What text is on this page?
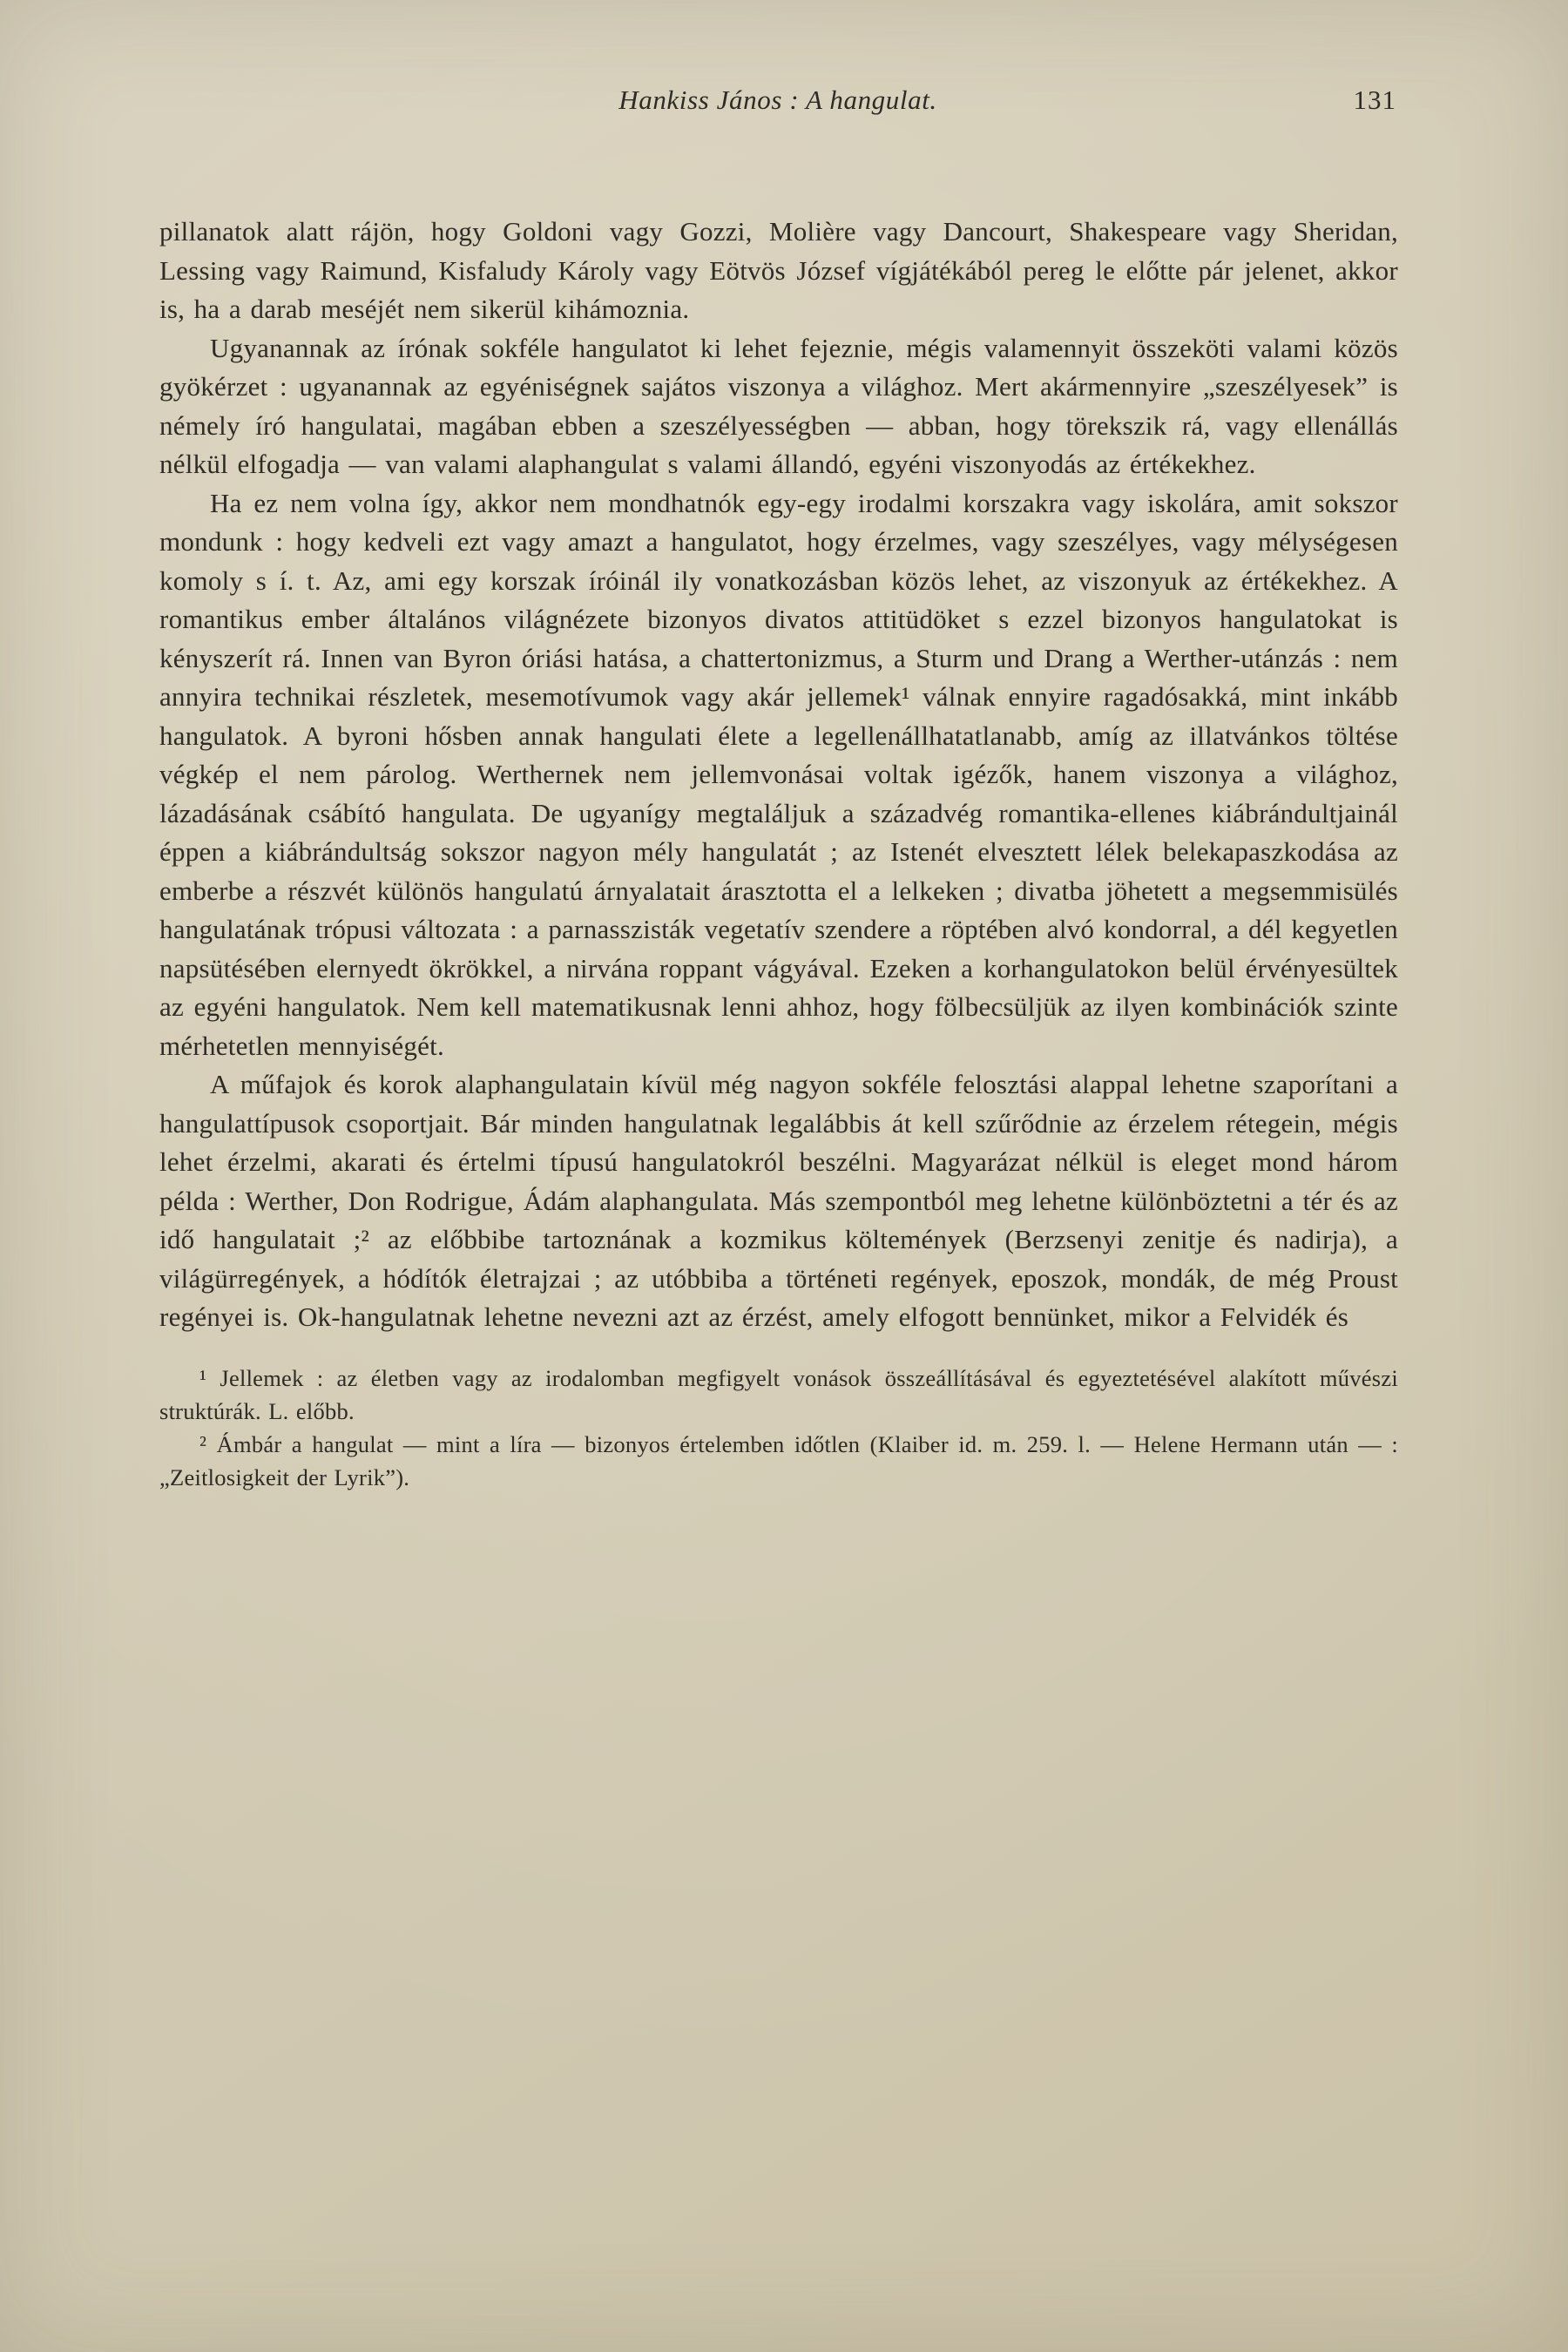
Hankiss János : A hangulat.	131

pillanatok alatt rájön, hogy Goldoni vagy Gozzi, Molière vagy Dancourt, Shakespeare vagy Sheridan, Lessing vagy Raimund, Kisfaludy Károly vagy Eötvös József vígjátékából pereg le előtte pár jelenet, akkor is, ha a darab meséjét nem sikerül kihámoznia.

Ugyanannak az írónak sokféle hangulatot ki lehet fejeznie, mégis valamennyit összeköti valami közös gyökérzet : ugyanannak az egyéniségnek sajátos viszonya a világhoz. Mert akármennyire „szeszélyesek” is némely író hangulatai, magában ebben a szeszélyességben — abban, hogy törekszik rá, vagy ellenállás nélkül elfogadja — van valami alaphangulat s valami állandó, egyéni viszonyodás az értékekhez.

Ha ez nem volna így, akkor nem mondhatnók egy-egy irodalmi korszakra vagy iskolára, amit sokszor mondunk : hogy kedveli ezt vagy amazt a hangulatot, hogy érzelmes, vagy szeszélyes, vagy mélységesen komoly s í. t. Az, ami egy korszak íróinál ily vonatkozásban közös lehet, az viszonyuk az értékekhez. A romantikus ember általános világnézete bizonyos divatos attitüdöket s ezzel bizonyos hangulatokat is kényszerít rá. Innen van Byron óriási hatása, a chattertonizmus, a Sturm und Drang a Werther-utánzás : nem annyira technikai részletek, mesemotívumok vagy akár jellemek¹ válnak ennyire ragadósakká, mint inkább hangulatok. A byroni hősben annak hangulati élete a legellenállhatatlanabb, amíg az illatvánkos töltése végkép el nem párolog. Werthernek nem jellemvonásai voltak igézők, hanem viszonya a világhoz, lázadásának csábító hangulata. De ugyanígy megtaláljuk a századvég romantika-ellenes kiábrándultjainál éppen a kiábrándultság sokszor nagyon mély hangulatát ; az Istenét elvesztett lélek belekapaszkodása az emberbe a részvét különös hangulatú árnyalatait árasztotta el a lelkeken ; divatba jöhetett a megsemmisülés hangulatának trópusi változata : a parnasszisták vegetatív szendere a röptében alvó kondorral, a dél kegyetlen napsütésében elernyedt ökrökkel, a nirvána roppant vágyával. Ezeken a korhangulatokon belül érvényesültek az egyéni hangulatok. Nem kell matematikusnak lenni ahhoz, hogy fölbecsüljük az ilyen kombinációk szinte mérhetetlen mennyiségét.

A műfajok és korok alaphangulatain kívül még nagyon sokféle felosztási alappal lehetne szaporítani a hangulattípusok csoportjait. Bár minden hangulatnak legalábbis át kell szűrődnie az érzelem rétegein, mégis lehet érzelmi, akarati és értelmi típusú hangulatokról beszélni. Magyarázat nélkül is eleget mond három példa : Werther, Don Rodrigue, Ádám alaphangulata. Más szempontból meg lehetne különböztetni a tér és az idő hangulatait ;² az előbbibe tartoznának a kozmikus költemények (Berzsenyi zenitje és nadirja), a világürregények, a hódítók életrajzai ; az utóbbiba a történeti regények, eposzok, mondák, de még Proust regényei is. Ok-hangulatnak lehetne nevezni azt az érzést, amely elfogott bennünket, mikor a Felvidék és

¹ Jellemek : az életben vagy az irodalomban megfigyelt vonások összeállításával és egyeztetésével alakított művészi struktúrák. L. előbb.

² Ámbár a hangulat — mint a líra — bizonyos értelemben időtlen (Klaiber id. m. 259. l. — Helene Hermann után — : „Zeitlosigkeit der Lyrik”).
